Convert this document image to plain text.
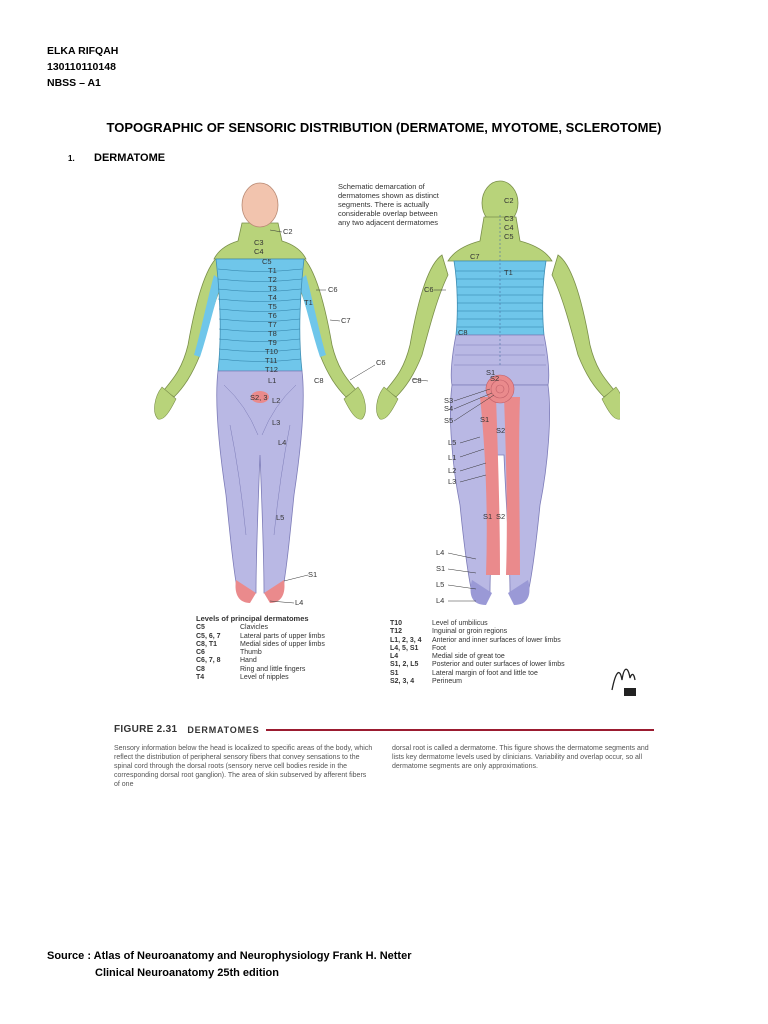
ELKA RIFQAH
130110110148
NBSS – A1
TOPOGRAPHIC OF SENSORIC DISTRIBUTION (DERMATOME, MYOTOME, SCLEROTOME)
1. DERMATOME
Schematic demarcation of dermatomes shown as distinct segments. There is actually considerable overlap between any two adjacent dermatomes
C2
C3
C4
C5
T1
T2
T3
T4
T5
T6
T7
T8
T9
T10
T11
T12
L1
S2, 3 L2
L3
L4
L5
S1
L4
C6
C7
T1
C6
C8
C2
C3
C4
C5
C7
C6
C8
T1
C8
S1
S2
S3
S4
S5	S1
S2
L5
L1
L2
L3
S1 S2
L4
S1
L5
L4
Levels of principal dermatomes
C5	Clavicles
C5, 6, 7	Lateral parts of upper limbs
C8, T1	Medial sides of upper limbs
C6	Thumb
C6, 7, 8	Hand
C8	Ring and little fingers
T4	Level of nipples
T10	Level of umbilicus
T12	Inguinal or groin regions
L1, 2, 3, 4	Anterior and inner surfaces of lower limbs
L4, 5, S1	Foot
L4	Medial side of great toe
S1, 2, L5	Posterior and outer surfaces of lower limbs
S1	Lateral margin of foot and little toe
S2, 3, 4	Perineum
FIGURE 2.31 DERMATOMES

Sensory information below the head is localized to specific areas of the body, which reflect the distribution of peripheral sensory fibers that convey sensations to the spinal cord through the dorsal roots (sensory nerve cell bodies reside in the corresponding dorsal root ganglion). The area of skin subserved by afferent fibers of one

dorsal root is called a dermatome. This figure shows the dermatome segments and lists key dermatome levels used by clinicians. Variability and overlap occur, so all dermatome segments are only approximations.

Source : Atlas of Neuroanatomy and Neurophysiology Frank H. Netter
Clinical Neuroanatomy 25th edition
